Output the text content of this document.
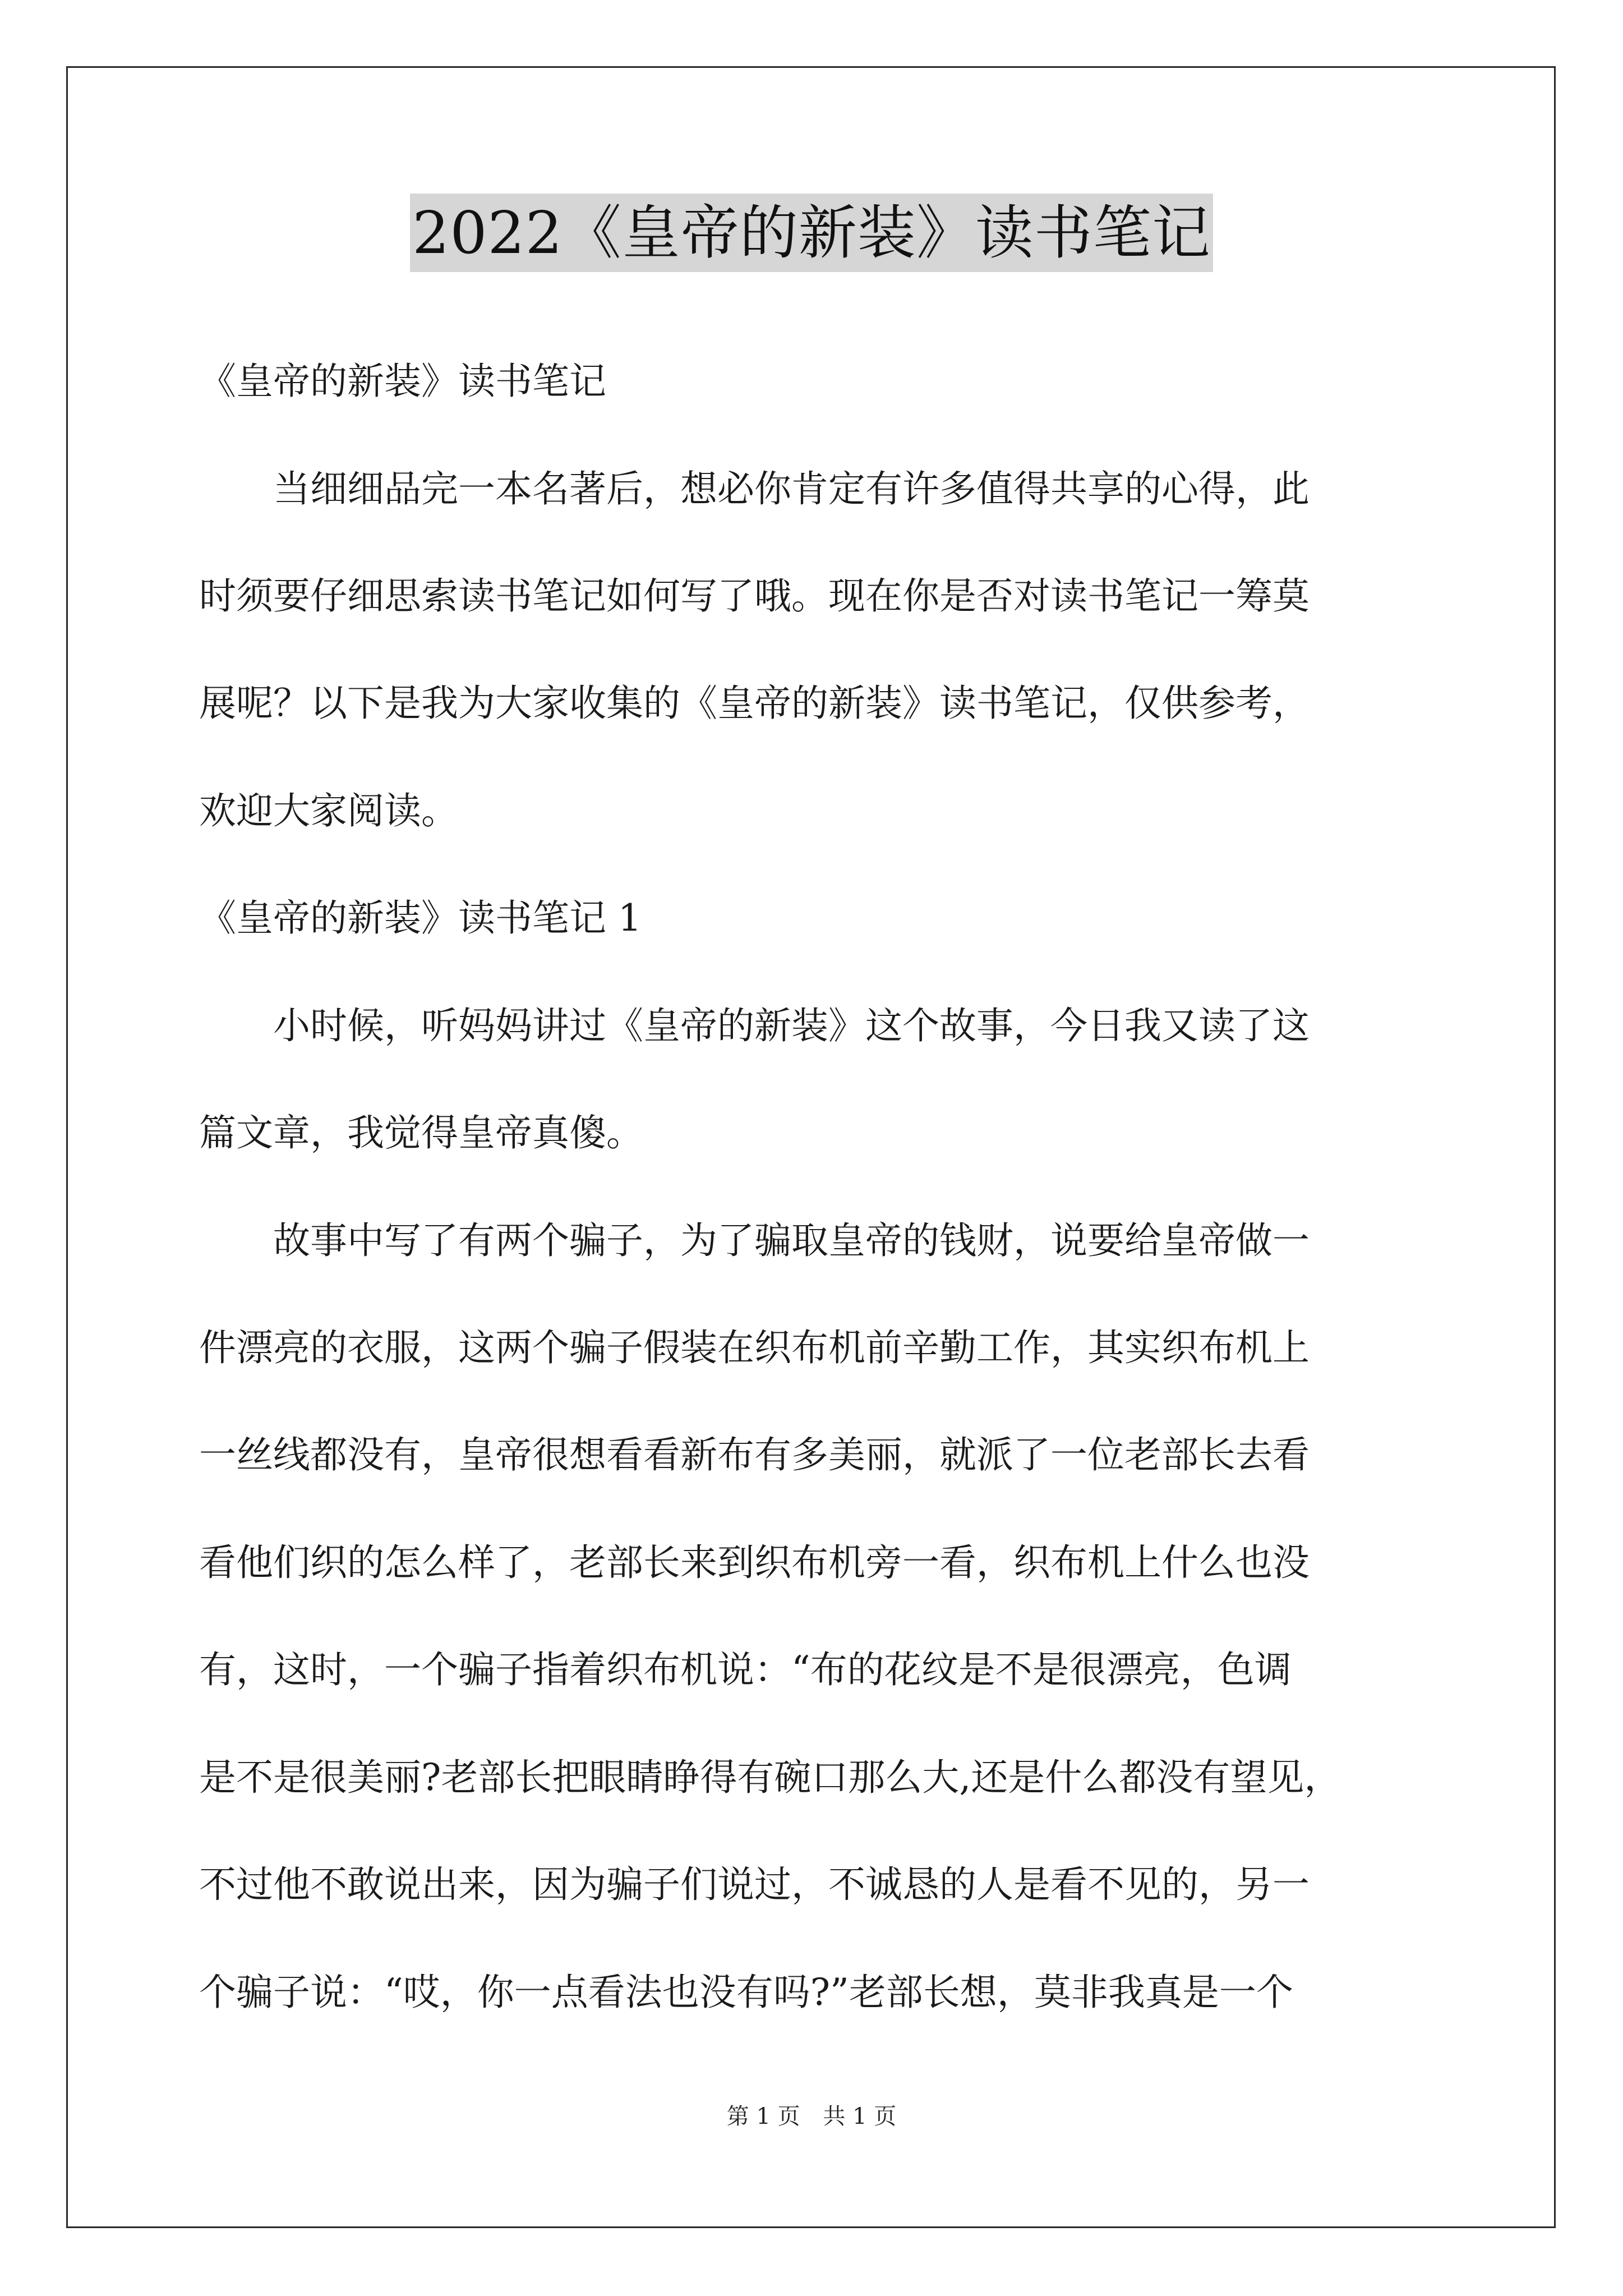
2022《皇帝的新装》读书笔记
《皇帝的新装》读书笔记
　　当细细品完一本名著后，想必你肯定有许多值得共享的心得，此
时须要仔细思索读书笔记如何写了哦。现在你是否对读书笔记一筹莫
展呢？以下是我为大家收集的《皇帝的新装》读书笔记，仅供参考，
欢迎大家阅读。
《皇帝的新装》读书笔记 1
　　小时候，听妈妈讲过《皇帝的新装》这个故事，今日我又读了这
篇文章，我觉得皇帝真傻。
　　故事中写了有两个骗子，为了骗取皇帝的钱财，说要给皇帝做一
件漂亮的衣服，这两个骗子假装在织布机前辛勤工作，其实织布机上
一丝线都没有，皇帝很想看看新布有多美丽，就派了一位老部长去看
看他们织的怎么样了，老部长来到织布机旁一看，织布机上什么也没
有，这时，一个骗子指着织布机说：“布的花纹是不是很漂亮，色调
是不是很美丽?老部长把眼睛睁得有碗口那么大,还是什么都没有望见，
不过他不敢说出来，因为骗子们说过，不诚恳的人是看不见的，另一
个骗子说：“哎，你一点看法也没有吗?”老部长想，莫非我真是一个
第 1 页 共 1 页
